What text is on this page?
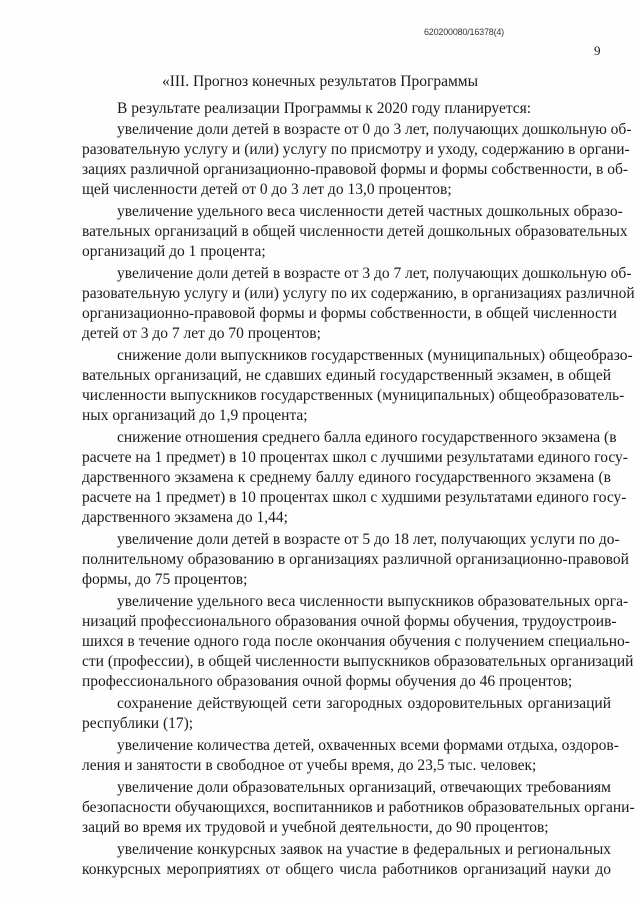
620200080/16378(4)
9
«III. Прогноз конечных результатов Программы
В результате реализации Программы к 2020 году планируется:
увеличение доли детей в возрасте от 0 до 3 лет, получающих дошкольную об-
разовательную услугу и (или) услугу по присмотру и уходу, содержанию в органи-
зациях различной организационно-правовой формы и формы собственности, в об-
щей численности детей от 0 до 3 лет до 13,0 процентов;
увеличение удельного веса численности детей частных дошкольных образо-
вательных организаций в общей численности детей дошкольных образовательных
организаций до 1 процента;
увеличение доли детей в возрасте от 3 до 7 лет, получающих дошкольную об-
разовательную услугу и (или) услугу по их содержанию, в организациях различной
организационно-правовой формы и формы собственности, в общей численности
детей от 3 до 7 лет до 70 процентов;
снижение доли выпускников государственных (муниципальных) общеобразо-
вательных организаций, не сдавших единый государственный экзамен, в общей
численности выпускников государственных (муниципальных) общеобразователь-
ных организаций до 1,9 процента;
снижение отношения среднего балла единого государственного экзамена (в
расчете на 1 предмет) в 10 процентах школ с лучшими результатами единого госу-
дарственного экзамена к среднему баллу единого государственного экзамена (в
расчете на 1 предмет) в 10 процентах школ с худшими результатами единого госу-
дарственного экзамена до 1,44;
увеличение доли детей в возрасте от 5 до 18 лет, получающих услуги по до-
полнительному образованию в организациях различной организационно-правовой
формы, до 75 процентов;
увеличение удельного веса численности выпускников образовательных орга-
низаций профессионального образования очной формы обучения, трудоустроив-
шихся в течение одного года после окончания обучения с получением специально-
сти (профессии), в общей численности выпускников образовательных организаций
профессионального образования очной формы обучения до 46 процентов;
сохранение действующей сети загородных оздоровительных организаций
республики (17);
увеличение количества детей, охваченных всеми формами отдыха, оздоров-
ления и занятости в свободное от учебы время, до 23,5 тыс. человек;
увеличение доли образовательных организаций, отвечающих требованиям
безопасности обучающихся, воспитанников и работников образовательных органи-
заций во время их трудовой и учебной деятельности, до 90 процентов;
увеличение конкурсных заявок на участие в федеральных и региональных
конкурсных мероприятиях от общего числа работников организаций науки до
